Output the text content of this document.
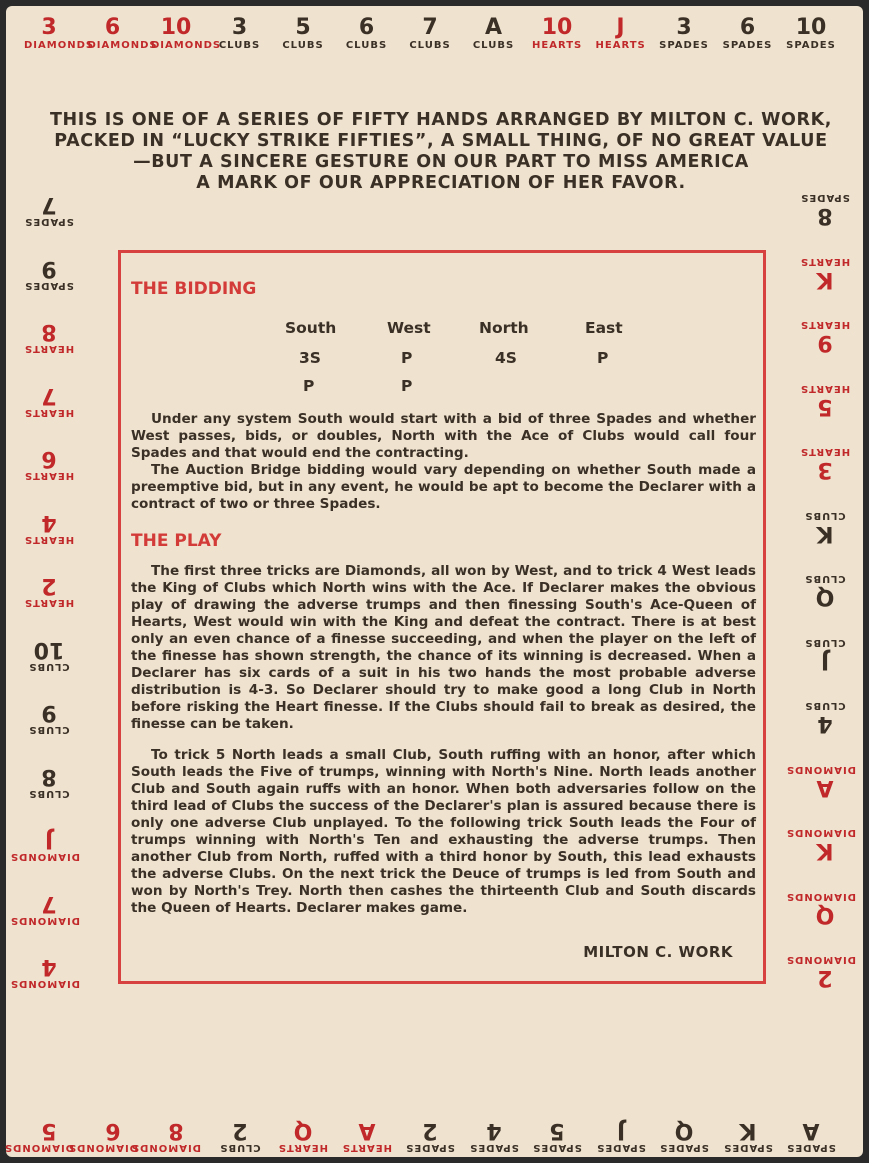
3
DIAMONDS
6
DIAMONDS
10
DIAMONDS
3
CLUBS
5
CLUBS
6
CLUBS
7
CLUBS
A
CLUBS
10
HEARTS
J
HEARTS
3
SPADES
6
SPADES
10
SPADES
DIAMONDS
5
DIAMONDS
6
DIAMONDS
8
CLUBS
2
HEARTS
Q
HEARTS
A
SPADES
2
SPADES
4
SPADES
5
SPADES
J
SPADES
Q
SPADES
K
SPADES
A
SPADES
7
SPADES
9
HEARTS
8
HEARTS
7
HEARTS
6
HEARTS
4
HEARTS
2
CLUBS
10
CLUBS
9
CLUBS
8
DIAMONDS
J
DIAMONDS
7
DIAMONDS
4
8
SPADES
K
HEARTS
9
HEARTS
5
HEARTS
3
HEARTS
K
CLUBS
Q
CLUBS
J
CLUBS
4
CLUBS
A
DIAMONDS
K
DIAMONDS
Q
DIAMONDS
2
DIAMONDS
THIS IS ONE OF A SERIES OF FIFTY HANDS ARRANGED BY MILTON C. WORK,
PACKED IN “LUCKY STRIKE FIFTIES”, A SMALL THING, OF NO GREAT VALUE
—BUT A SINCERE GESTURE ON OUR PART TO MISS AMERICA
A MARK OF OUR APPRECIATION OF HER FAVOR.
THE BIDDING
South	West	North	East
3S	P	4S	P
P	P

Under any system South would start with a bid of three Spades and whether West passes, bids, or doubles, North with the Ace of Clubs would call four Spades and that would end the contracting.

The Auction Bridge bidding would vary depending on whether South made a preemptive bid, but in any event, he would be apt to become the Declarer with a contract of two or three Spades.

THE PLAY

The first three tricks are Diamonds, all won by West, and to trick 4 West leads the King of Clubs which North wins with the Ace. If Declarer makes the obvious play of drawing the adverse trumps and then finessing South's Ace-Queen of Hearts, West would win with the King and defeat the contract. There is at best only an even chance of a finesse succeeding, and when the player on the left of the finesse has shown strength, the chance of its winning is decreased. When a Declarer has six cards of a suit in his two hands the most probable adverse distribution is 4-3. So Declarer should try to make good a long Club in North before risking the Heart finesse. If the Clubs should fail to break as desired, the finesse can be taken.

To trick 5 North leads a small Club, South ruffing with an honor, after which South leads the Five of trumps, winning with North's Nine. North leads another Club and South again ruffs with an honor. When both adversaries follow on the third lead of Clubs the success of the Declarer's plan is assured because there is only one adverse Club unplayed. To the following trick South leads the Four of trumps winning with North's Ten and exhausting the adverse trumps. Then another Club from North, ruffed with a third honor by South, this lead exhausts the adverse Clubs. On the next trick the Deuce of trumps is led from South and won by North's Trey. North then cashes the thirteenth Club and South discards the Queen of Hearts. Declarer makes game.

MILTON C. WORK
